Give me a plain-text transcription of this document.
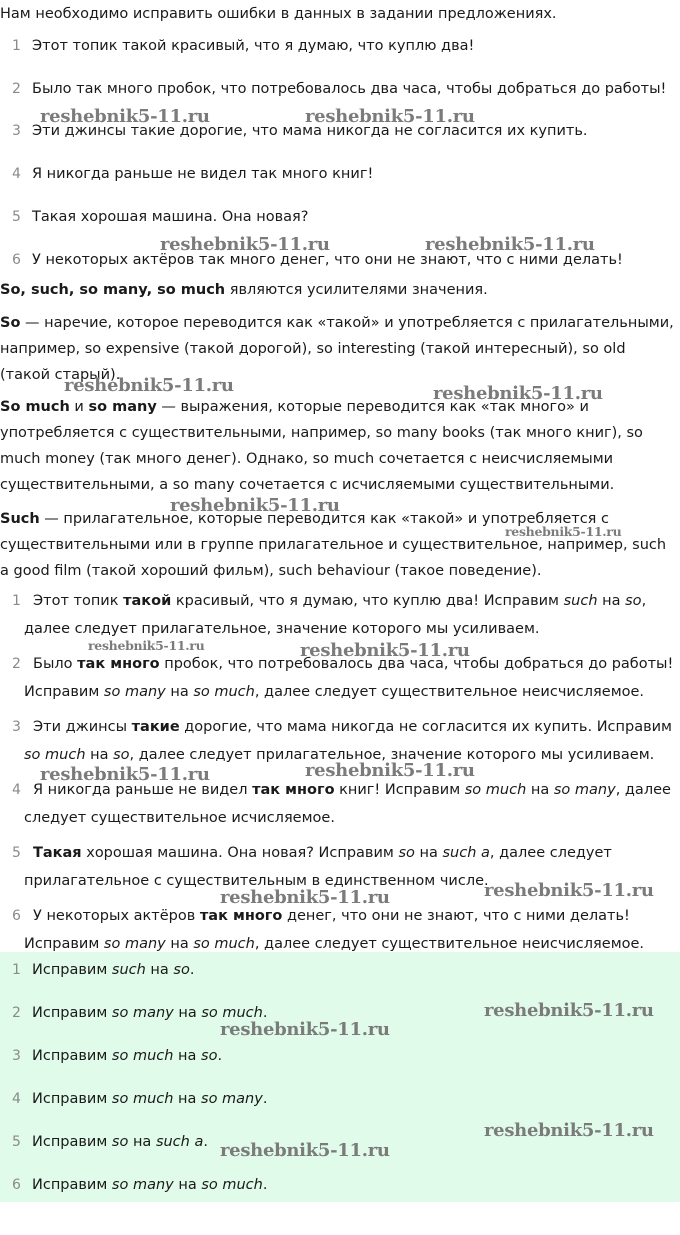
Нам необходимо исправить ошибки в данных в задании предложениях.

1 Этот топик такой красивый, что я думаю, что куплю два!
2 Было так много пробок, что потребовалось два часа, чтобы добраться до работы!
3 Эти джинсы такие дорогие, что мама никогда не согласится их купить.
4 Я никогда раньше не видел так много книг!
5 Такая хорошая машина. Она новая?
6 У некоторых актёров так много денег, что они не знают, что с ними делать!

So, such, so many, so much являются усилителями значения.

So — наречие, которое переводится как «такой» и употребляется с прилагательными, например, so expensive (такой дорогой), so interesting (такой интересный), so old (такой старый).

So much и so many — выражения, которые переводится как «так много» и употребляется с существительными, например, so many books (так много книг), so much money (так много денег). Однако, so much сочетается с неисчисляемыми существительными, а so many сочетается с исчисляемыми существительными.

Such — прилагательное, которые переводится как «такой» и употребляется с существительными или в группе прилагательное и существительное, например, such a good film (такой хороший фильм), such behaviour (такое поведение).

1 Этот топик такой красивый, что я думаю, что куплю два! Исправим such на so, далее следует прилагательное, значение которого мы усиливаем.
2 Было так много пробок, что потребовалось два часа, чтобы добраться до работы! Исправим so many на so much, далее следует существительное неисчисляемое.
3 Эти джинсы такие дорогие, что мама никогда не согласится их купить. Исправим so much на so, далее следует прилагательное, значение которого мы усиливаем.
4 Я никогда раньше не видел так много книг! Исправим so much на so many, далее следует существительное исчисляемое.
5 Такая хорошая машина. Она новая? Исправим so на such a, далее следует прилагательное с существительным в единственном числе.
6 У некоторых актёров так много денег, что они не знают, что с ними делать! Исправим so many на so much, далее следует существительное неисчисляемое.
1 Исправим such на so.
2 Исправим so many на so much.
3 Исправим so much на so.
4 Исправим so much на so many.
5 Исправим so на such a.
6 Исправим so many на so much.
reshebnik5-11.ru	reshebnik5-11.ru
reshebnik5-11.ru	reshebnik5-11.ru
reshebnik5-11.ru	reshebnik5-11.ru
reshebnik5-11.ru
reshebnik5-11.ru
reshebnik5-11.ru	reshebnik5-11.ru
reshebnik5-11.ru	reshebnik5-11.ru
reshebnik5-11.ru
reshebnik5-11.ru
reshebnik5-11.ru
reshebnik5-11.ru
reshebnik5-11.ru
reshebnik5-11.ru
